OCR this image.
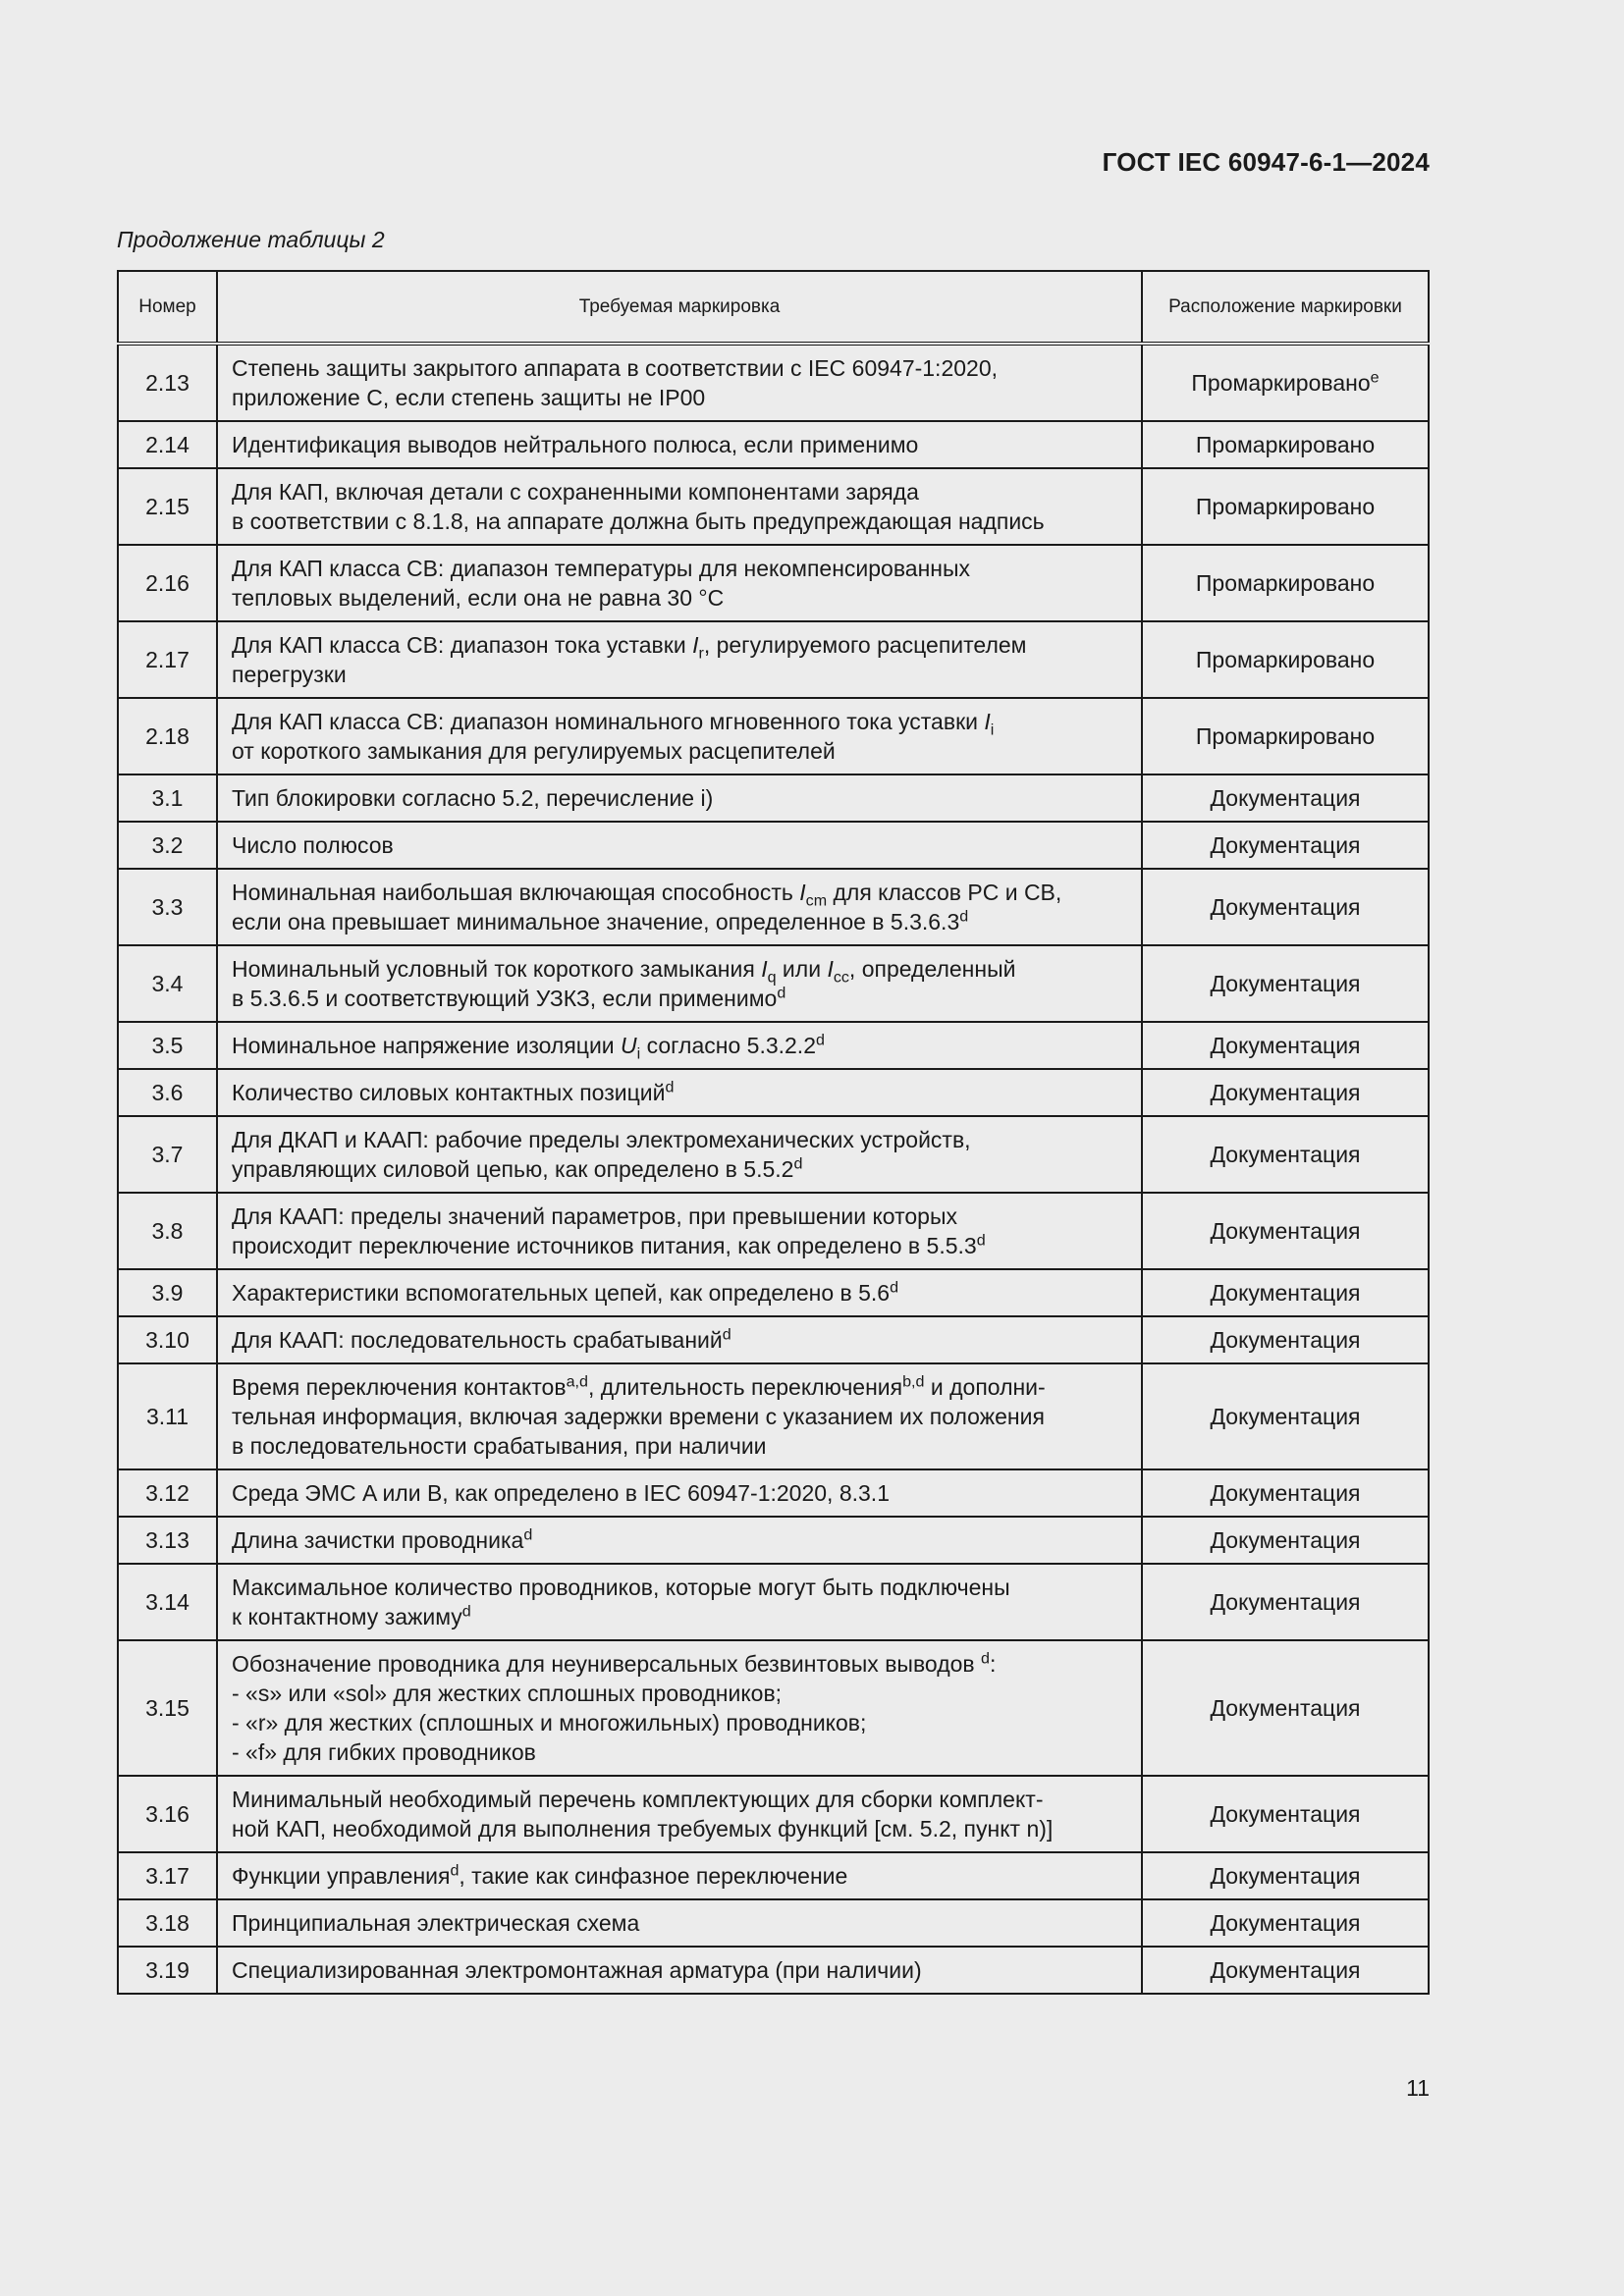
ГОСТ IEC 60947-6-1—2024
Продолжение таблицы 2
Номер	Требуемая маркировка	Расположение маркировки
2.13	Степень защиты закрытого аппарата в соответствии с IEC 60947-1:2020,
приложение C, если степень защиты не IP00	Промаркировано$^e$
2.14	Идентификация выводов нейтрального полюса, если применимо	Промаркировано
2.15	Для КАП, включая детали с сохраненными компонентами заряда
в соответствии с 8.1.8, на аппарате должна быть предупреждающая надпись	Промаркировано
2.16	Для КАП класса CB: диапазон температуры для некомпенсированных
тепловых выделений, если она не равна 30 °C	Промаркировано
2.17	Для КАП класса CB: диапазон тока уставки $I_r$, регулируемого расцепителем
перегрузки	Промаркировано
2.18	Для КАП класса CB: диапазон номинального мгновенного тока уставки $I_i$
от короткого замыкания для регулируемых расцепителей	Промаркировано
3.1	Тип блокировки согласно 5.2, перечисление i)	Документация
3.2	Число полюсов	Документация
3.3	Номинальная наибольшая включающая способность $I_{cm}$ для классов PC и CB,
если она превышает минимальное значение, определенное в 5.3.6.3$^d$	Документация
3.4	Номинальный условный ток короткого замыкания $I_q$ или $I_{cc}$, определенный
в 5.3.6.5 и соответствующий УЗКЗ, если применимо$^d$	Документация
3.5	Номинальное напряжение изоляции $U_i$ согласно 5.3.2.2$^d$	Документация
3.6	Количество силовых контактных позиций$^d$	Документация
3.7	Для ДКАП и КААП: рабочие пределы электромеханических устройств,
управляющих силовой цепью, как определено в 5.5.2$^d$	Документация
3.8	Для КААП: пределы значений параметров, при превышении которых
происходит переключение источников питания, как определено в 5.5.3$^d$	Документация
3.9	Характеристики вспомогательных цепей, как определено в 5.6$^d$	Документация
3.10	Для КААП: последовательность срабатываний$^d$	Документация
3.11	Время переключения контактов$^{a,d}$, длительность переключения$^{b,d}$ и дополни-
тельная информация, включая задержки времени с указанием их положения
в последовательности срабатывания, при наличии	Документация
3.12	Среда ЭМС A или B, как определено в IEC 60947-1:2020, 8.3.1	Документация
3.13	Длина зачистки проводника$^d$	Документация
3.14	Максимальное количество проводников, которые могут быть подключены
к контактному зажиму$^d$	Документация
3.15	Обозначение проводника для неуниверсальных безвинтовых выводов $^d$:
- «s» или «sol» для жестких сплошных проводников;
- «r» для жестких (сплошных и многожильных) проводников;
- «f» для гибких проводников	Документация
3.16	Минимальный необходимый перечень комплектующих для сборки комплект-
ной КАП, необходимой для выполнения требуемых функций [см. 5.2, пункт n)]	Документация
3.17	Функции управления$^d$, такие как синфазное переключение	Документация
3.18	Принципиальная электрическая схема	Документация
3.19	Специализированная электромонтажная арматура (при наличии)	Документация
11
